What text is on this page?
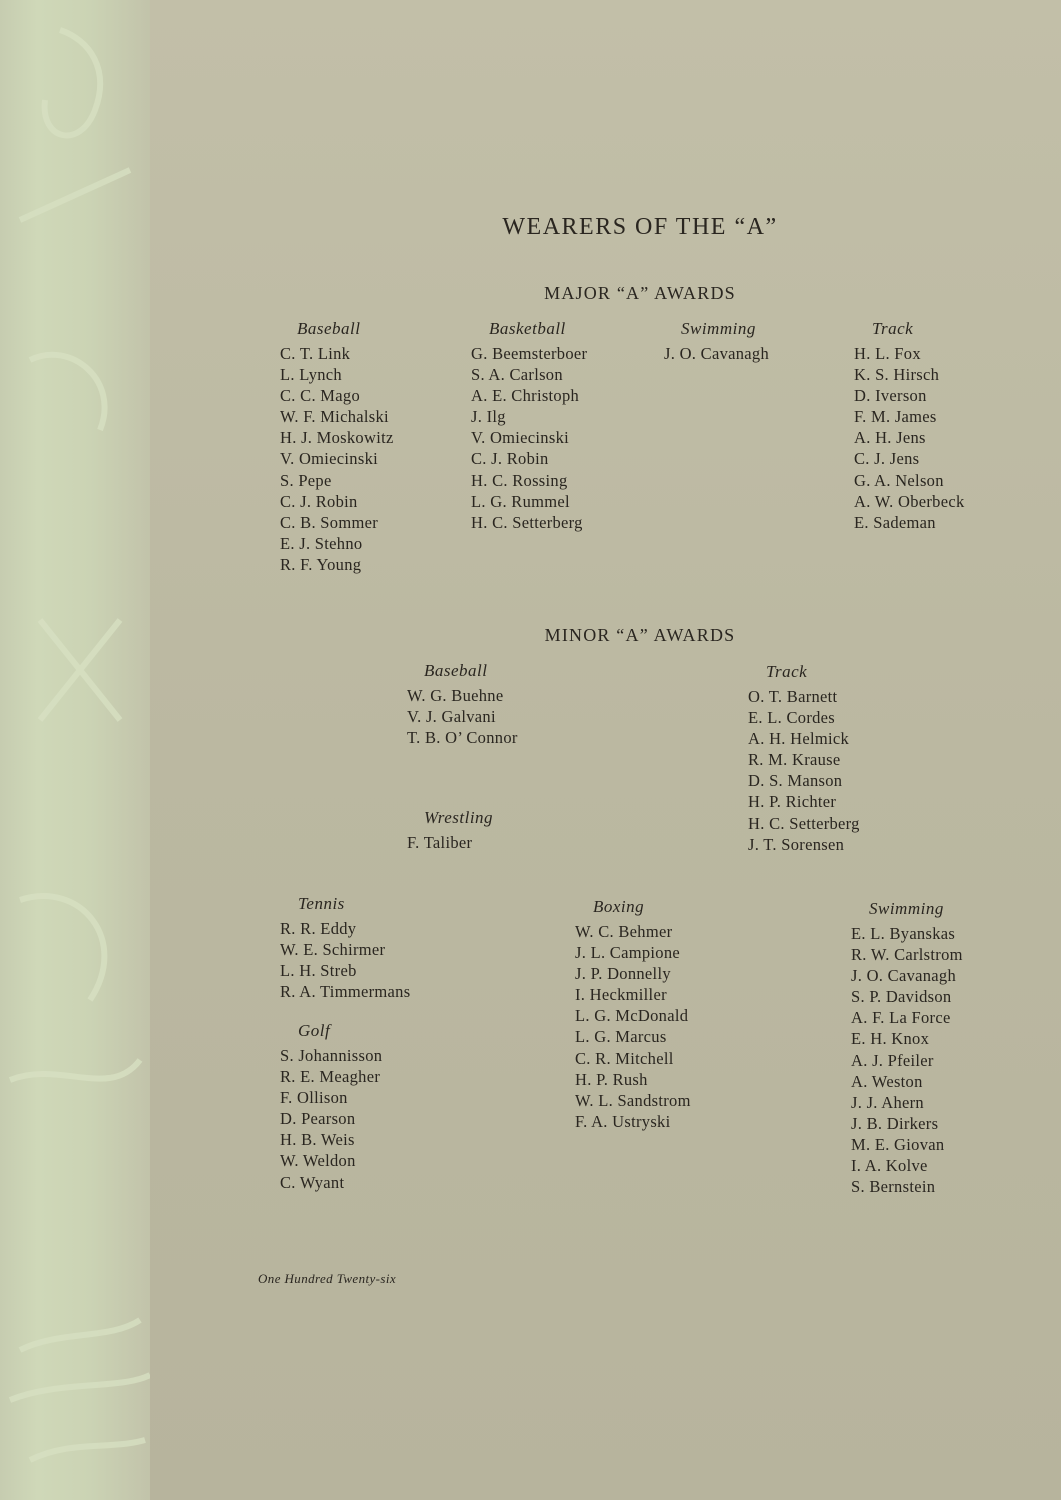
WEARERS OF THE “A”
MAJOR “A” AWARDS
Baseball
C. T. Link
L. Lynch
C. C. Mago
W. F. Michalski
H. J. Moskowitz
V. Omiecinski
S. Pepe
C. J. Robin
C. B. Sommer
E. J. Stehno
R. F. Young
Basketball
G. Beemsterboer
S. A. Carlson
A. E. Christoph
J. Ilg
V. Omiecinski
C. J. Robin
H. C. Rossing
L. G. Rummel
H. C. Setterberg
Swimming
J. O. Cavanagh
Track
H. L. Fox
K. S. Hirsch
D. Iverson
F. M. James
A. H. Jens
C. J. Jens
G. A. Nelson
A. W. Oberbeck
E. Sademan
MINOR “A” AWARDS
Baseball
W. G. Buehne
V. J. Galvani
T. B. O’ Connor
Wrestling
F. Taliber
Track
O. T. Barnett
E. L. Cordes
A. H. Helmick
R. M. Krause
D. S. Manson
H. P. Richter
H. C. Setterberg
J. T. Sorensen
Tennis
R. R. Eddy
W. E. Schirmer
L. H. Streb
R. A. Timmermans
Golf
S. Johannisson
R. E. Meagher
F. Ollison
D. Pearson
H. B. Weis
W. Weldon
C. Wyant
Boxing
W. C. Behmer
J. L. Campione
J. P. Donnelly
I. Heckmiller
L. G. McDonald
L. G. Marcus
C. R. Mitchell
H. P. Rush
W. L. Sandstrom
F. A. Ustryski
Swimming
E. L. Byanskas
R. W. Carlstrom
J. O. Cavanagh
S. P. Davidson
A. F. La Force
E. H. Knox
A. J. Pfeiler
A. Weston
J. J. Ahern
J. B. Dirkers
M. E. Giovan
I. A. Kolve
S. Bernstein
One Hundred Twenty-six
